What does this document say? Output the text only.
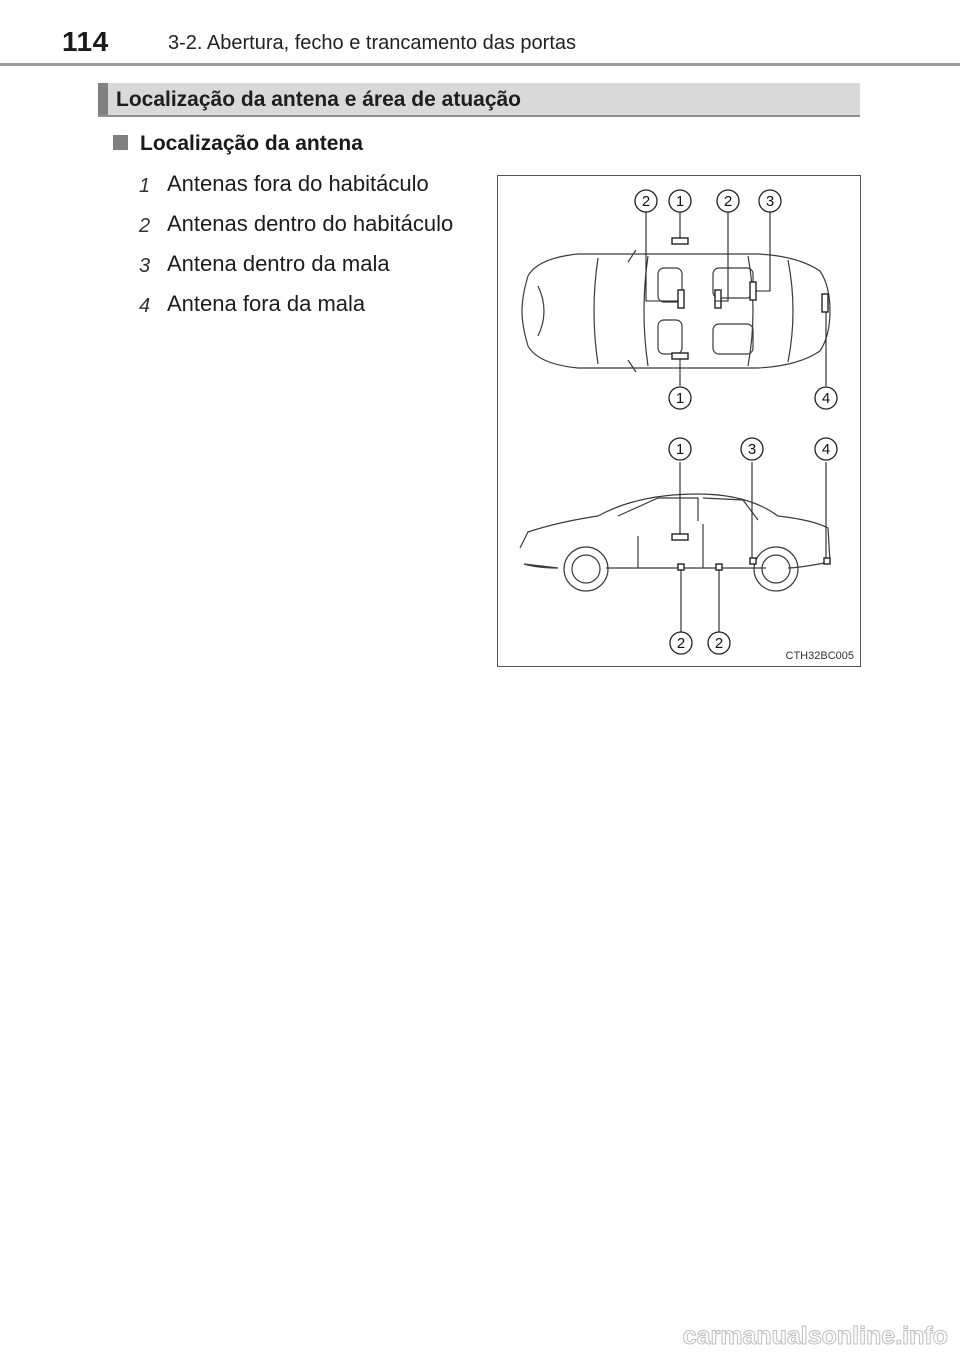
114	3-2. Abertura, fecho e trancamento das portas
Localização da antena e área de atuação
Localização da antena
1 Antenas fora do habitáculo
2 Antenas dentro do habitáculo
3 Antena dentro da mala
4 Antena fora da mala
2 1	2 3
1	4
1	3	4
2 2
CTH32BC005
carmanualsonline.info
